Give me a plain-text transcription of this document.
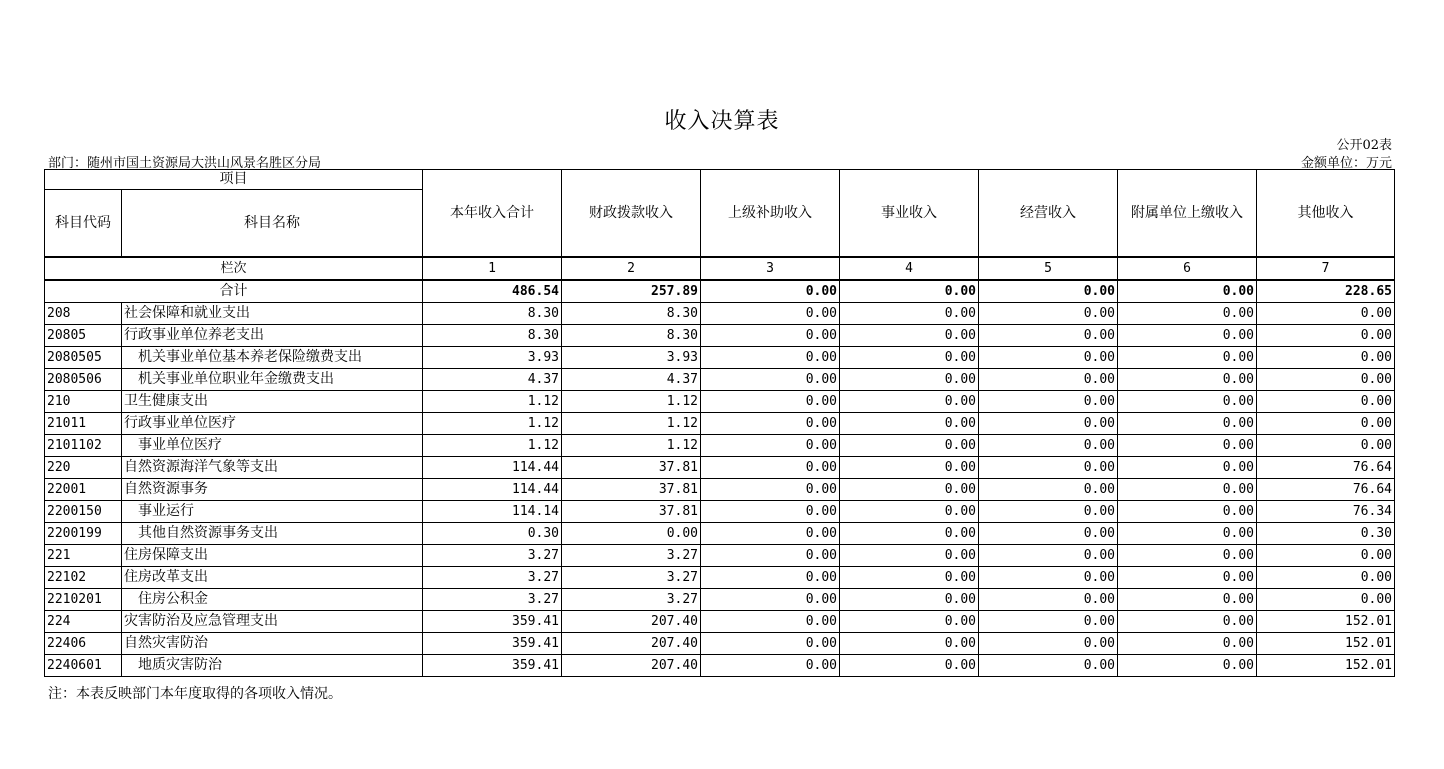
收入决算表
公开02表
部门：随州市国土资源局大洪山风景名胜区分局	金额单位：万元
项目		本年收入合计	财政拨款收入	上级补助收入	事业收入	经营收入	附属单位上缴收入	其他收入
科目代码	科目名称							
栏次		1	2	3	4	5	6	7
合计		486.54	257.89	0.00	0.00	0.00	0.00	228.65
208	社会保障和就业支出	8.30	8.30	0.00	0.00	0.00	0.00	0.00
20805	行政事业单位养老支出	8.30	8.30	0.00	0.00	0.00	0.00	0.00
2080505	机关事业单位基本养老保险缴费支出	3.93	3.93	0.00	0.00	0.00	0.00	0.00
2080506	机关事业单位职业年金缴费支出	4.37	4.37	0.00	0.00	0.00	0.00	0.00
210	卫生健康支出	1.12	1.12	0.00	0.00	0.00	0.00	0.00
21011	行政事业单位医疗	1.12	1.12	0.00	0.00	0.00	0.00	0.00
2101102	事业单位医疗	1.12	1.12	0.00	0.00	0.00	0.00	0.00
220	自然资源海洋气象等支出	114.44	37.81	0.00	0.00	0.00	0.00	76.64
22001	自然资源事务	114.44	37.81	0.00	0.00	0.00	0.00	76.64
2200150	事业运行	114.14	37.81	0.00	0.00	0.00	0.00	76.34
2200199	其他自然资源事务支出	0.30	0.00	0.00	0.00	0.00	0.00	0.30
221	住房保障支出	3.27	3.27	0.00	0.00	0.00	0.00	0.00
22102	住房改革支出	3.27	3.27	0.00	0.00	0.00	0.00	0.00
2210201	住房公积金	3.27	3.27	0.00	0.00	0.00	0.00	0.00
224	灾害防治及应急管理支出	359.41	207.40	0.00	0.00	0.00	0.00	152.01
22406	自然灾害防治	359.41	207.40	0.00	0.00	0.00	0.00	152.01
2240601	地质灾害防治	359.41	207.40	0.00	0.00	0.00	0.00	152.01
注：本表反映部门本年度取得的各项收入情况。
